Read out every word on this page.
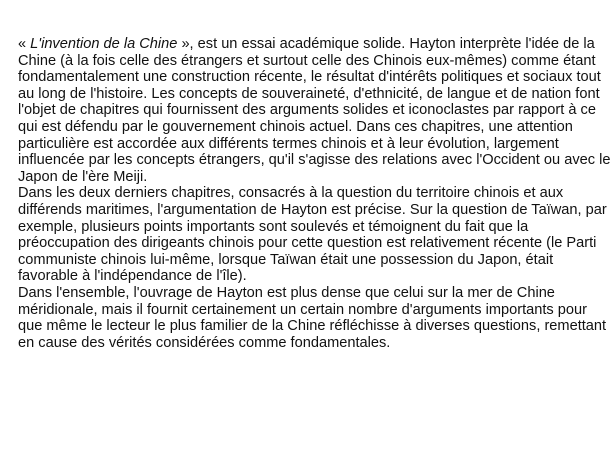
« L'invention de la Chine », est un essai académique solide. Hayton interprète l'idée de la Chine (à la fois celle des étrangers et surtout celle des Chinois eux-mêmes) comme étant fondamentalement une construction récente, le résultat d'intérêts politiques et sociaux tout au long de l'histoire. Les concepts de souveraineté, d'ethnicité, de langue et de nation font l'objet de chapitres qui fournissent des arguments solides et iconoclastes par rapport à ce qui est défendu par le gouvernement chinois actuel. Dans ces chapitres, une attention particulière est accordée aux différents termes chinois et à leur évolution, largement influencée par les concepts étrangers, qu'il s'agisse des relations avec l'Occident ou avec le Japon de l'ère Meiji.

Dans les deux derniers chapitres, consacrés à la question du territoire chinois et aux différends maritimes, l'argumentation de Hayton est précise. Sur la question de Taïwan, par exemple, plusieurs points importants sont soulevés et témoignent du fait que la préoccupation des dirigeants chinois pour cette question est relativement récente (le Parti communiste chinois lui-même, lorsque Taïwan était une possession du Japon, était favorable à l'indépendance de l'île).

Dans l'ensemble, l'ouvrage de Hayton est plus dense que celui sur la mer de Chine méridionale, mais il fournit certainement un certain nombre d'arguments importants pour que même le lecteur le plus familier de la Chine réfléchisse à diverses questions, remettant en cause des vérités considérées comme fondamentales.
